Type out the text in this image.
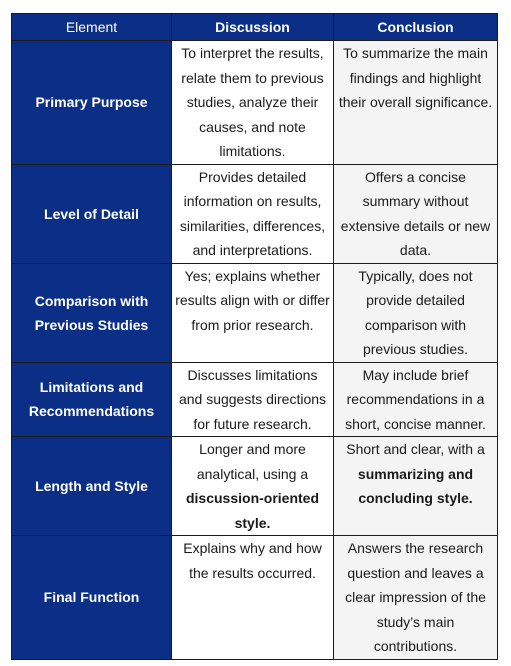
Element	Discussion	Conclusion
Primary Purpose	To interpret the results, relate them to previous studies, analyze their causes, and note limitations.	To summarize the main findings and highlight their overall significance.
Level of Detail	Provides detailed information on results, similarities, differences, and interpretations.	Offers a concise summary without extensive details or new data.
Comparison with Previous Studies	Yes; explains whether results align with or differ from prior research.	Typically, does not provide detailed comparison with previous studies.
Limitations and Recommendations	Discusses limitations and suggests directions for future research.	May include brief recommendations in a short, concise manner.
Length and Style	Longer and more analytical, using a discussion-oriented style.	Short and clear, with a summarizing and concluding style.
Final Function	Explains why and how the results occurred.	Answers the research question and leaves a clear impression of the study’s main contributions.
